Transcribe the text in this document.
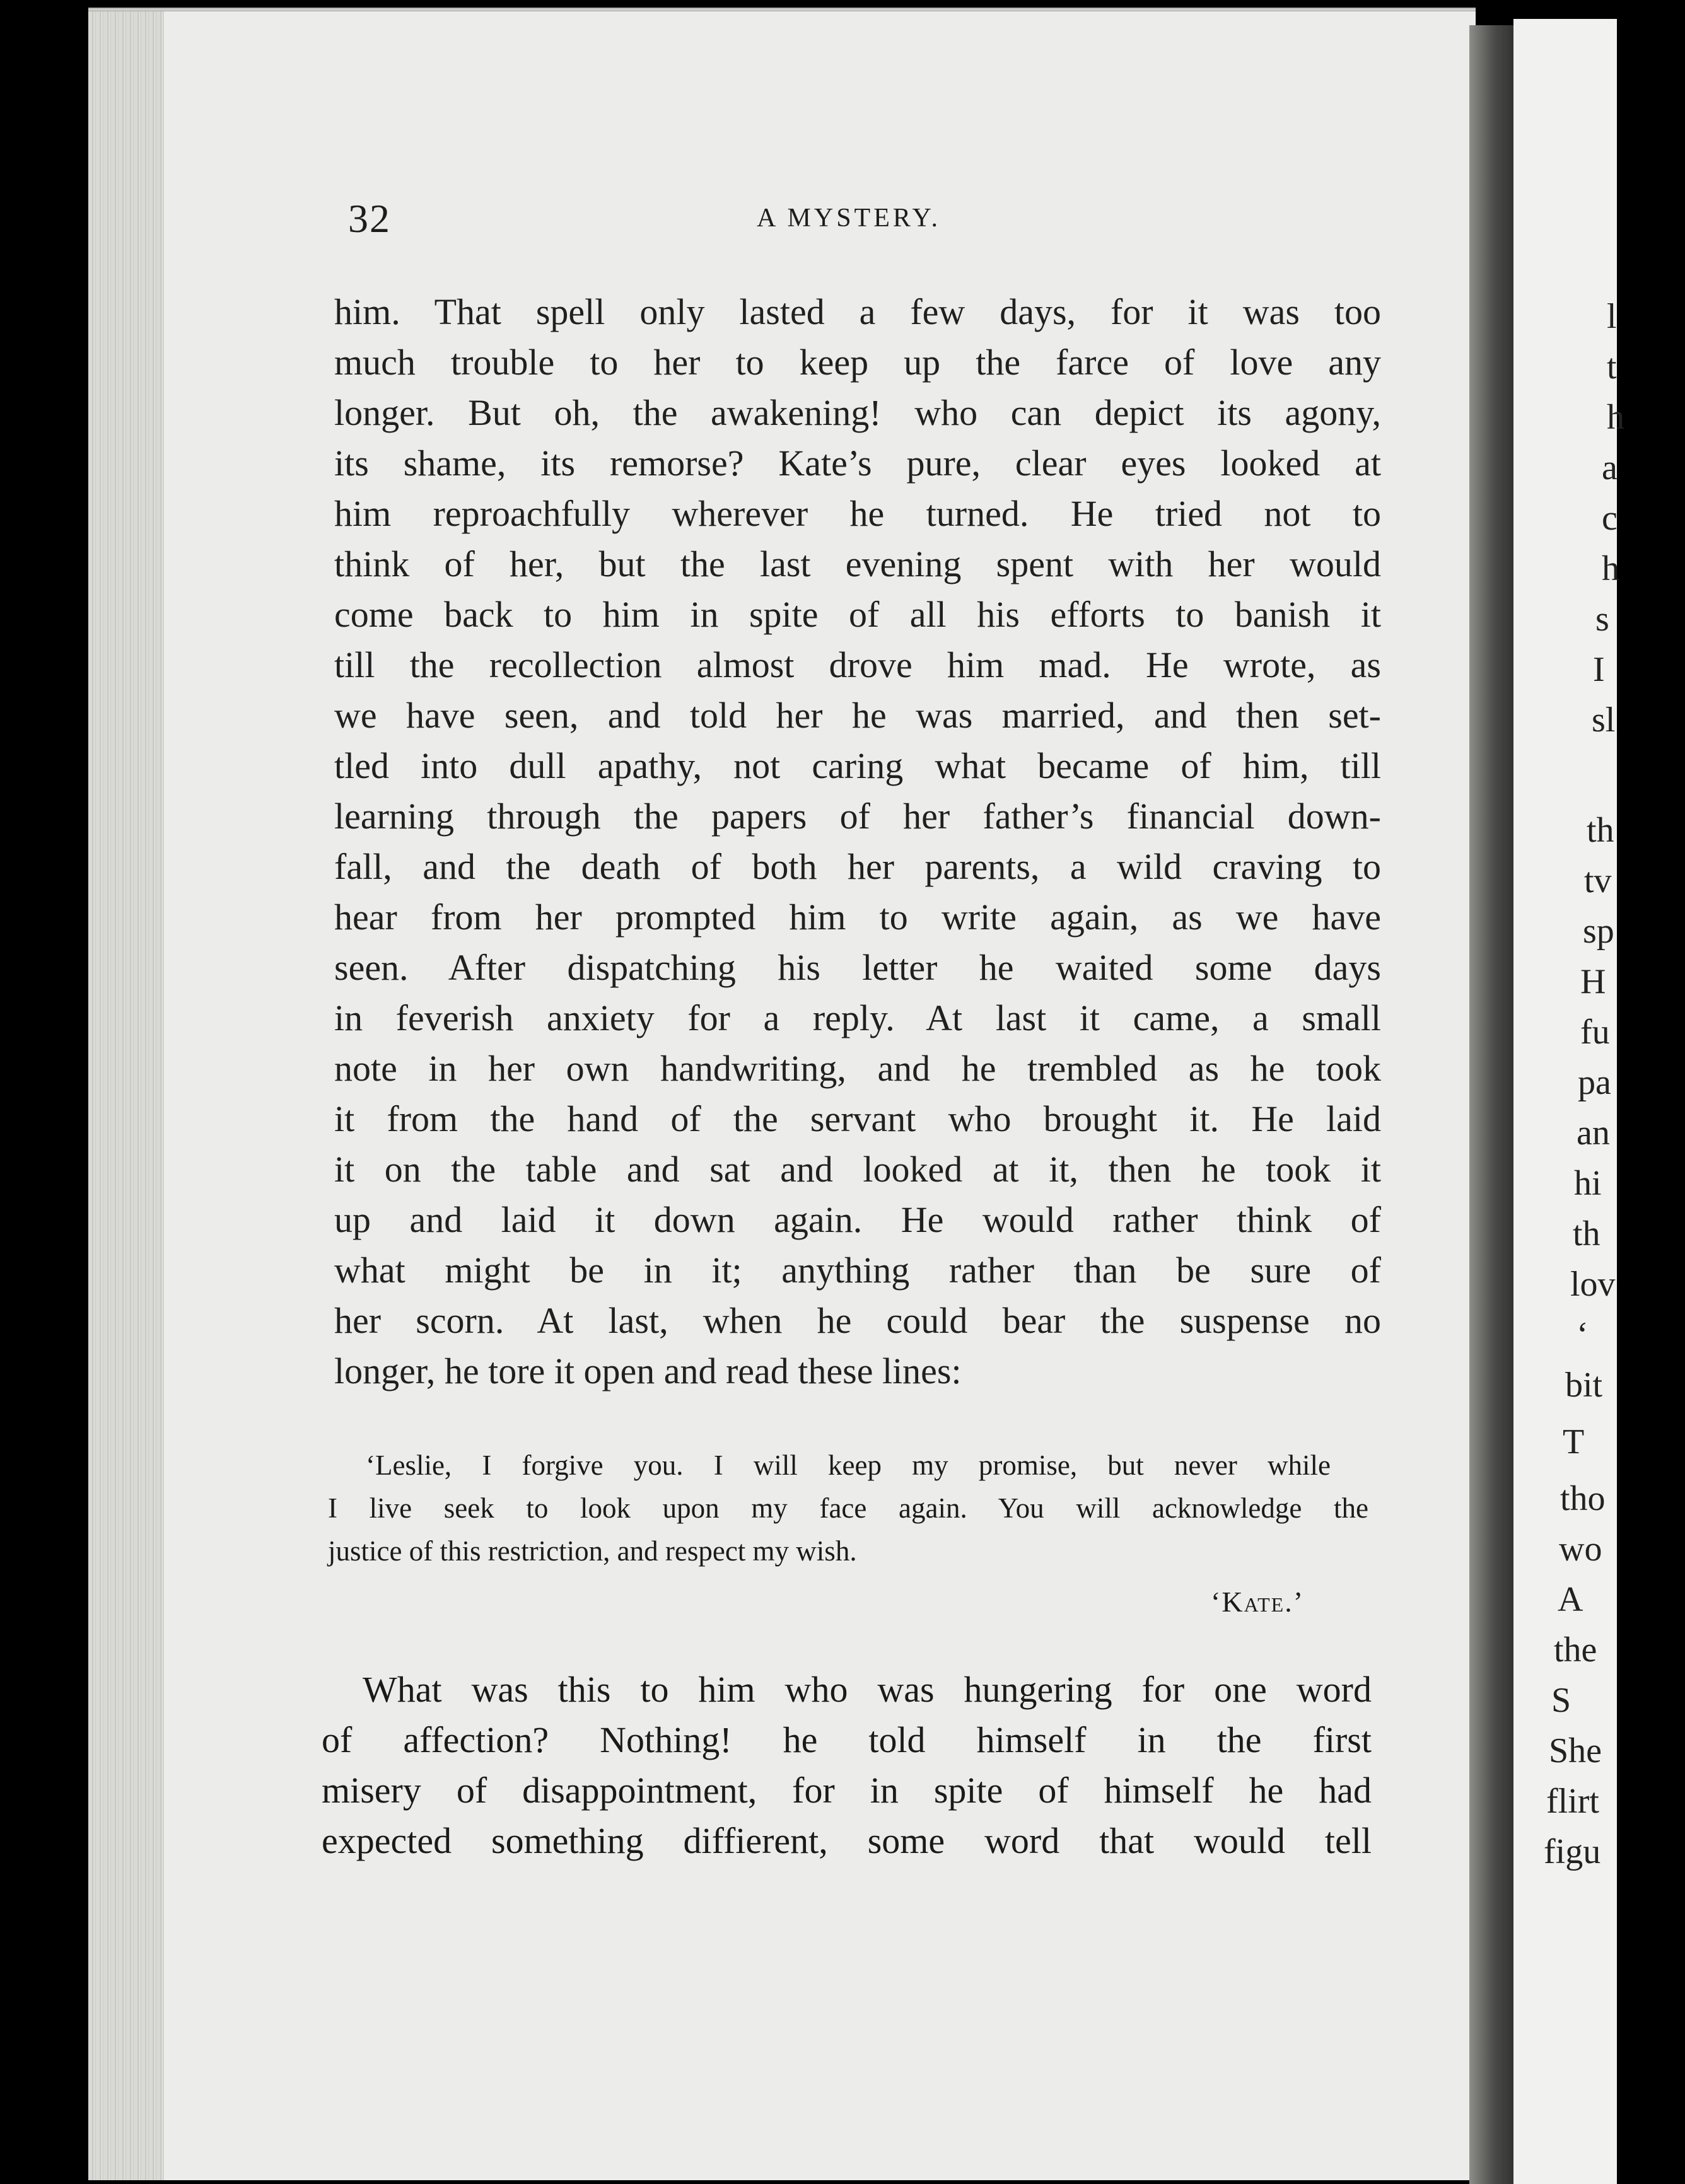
32	A MYSTERY.
him. That spell only lasted a few days, for it was too
much trouble to her to keep up the farce of love any
longer. But oh, the awakening! who can depict its agony,
its shame, its remorse? Kate’s pure, clear eyes looked at
him reproachfully wherever he turned. He tried not to
think of her, but the last evening spent with her would
come back to him in spite of all his efforts to banish it
till the recollection almost drove him mad. He wrote, as
we have seen, and told her he was married, and then set-
tled into dull apathy, not caring what became of him, till
learning through the papers of her father’s financial down-
fall, and the death of both her parents, a wild craving to
hear from her prompted him to write again, as we have
seen. After dispatching his letter he waited some days
in feverish anxiety for a reply. At last it came, a small
note in her own handwriting, and he trembled as he took
it from the hand of the servant who brought it. He laid
it on the table and sat and looked at it, then he took it
up and laid it down again. He would rather think of
what might be in it; anything rather than be sure of
her scorn. At last, when he could bear the suspense no
longer, he tore it open and read these lines:
‘Leslie, I forgive you. I will keep my promise, but never while
I live seek to look upon my face again. You will acknowledge the
justice of this restriction, and respect my wish.
‘Kate.’
What was this to him who was hungering for one word
of affection? Nothing! he told himself in the first
misery of disappointment, for in spite of himself he had
expected something diffierent, some word that would tell
l
t
h
a
c
h
s
I
sl
th
tv
sp
H
fu
pa
an
hi
th
lov
‘
bit
T
tho
wo
A
the
S
She
flirt
figu
